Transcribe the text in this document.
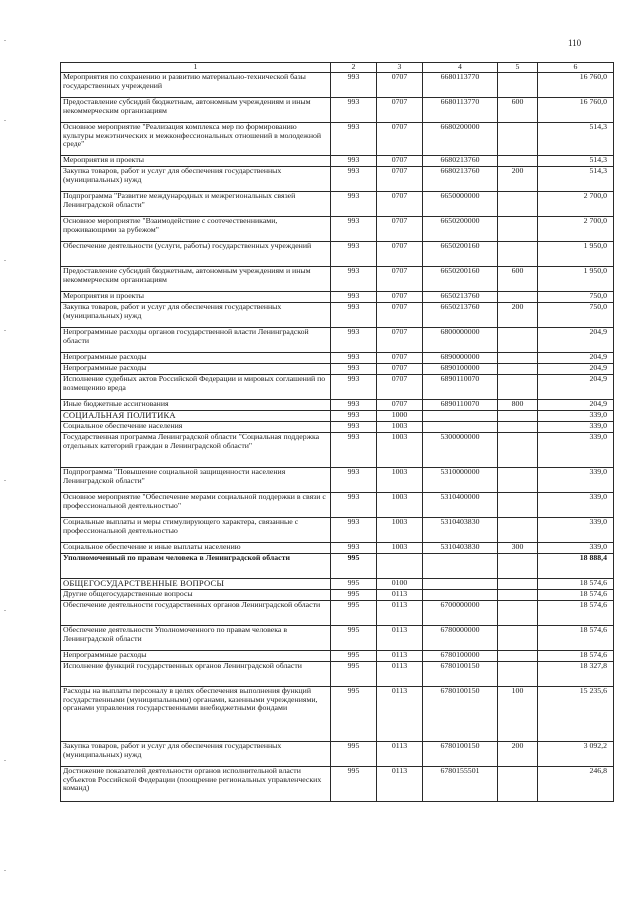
110
1	2	3	4	5	6
Мероприятия по сохранению и развитию материально-технической базы государственных учреждений	993	0707	6680113770		16 760,0
Предоставление субсидий бюджетным, автономным учреждениям и иным некоммерческим организациям	993	0707	6680113770	600	16 760,0
Основное мероприятие "Реализация комплекса мер по формированию культуры межэтнических и межконфессиональных отношений в молодежной среде"	993	0707	6680200000		514,3
Мероприятия и проекты	993	0707	6680213760		514,3
Закупка товаров, работ и услуг для обеспечения государственных (муниципальных) нужд	993	0707	6680213760	200	514,3
Подпрограмма "Развитие международных и межрегиональных связей Ленинградской области"	993	0707	6650000000		2 700,0
Основное мероприятие "Взаимодействие с соотечественниками, проживающими за рубежом"	993	0707	6650200000		2 700,0
Обеспечение деятельности (услуги, работы) государственных учреждений	993	0707	6650200160		1 950,0
Предоставление субсидий бюджетным, автономным учреждениям и иным некоммерческим организациям	993	0707	6650200160	600	1 950,0
Мероприятия и проекты	993	0707	6650213760		750,0
Закупка товаров, работ и услуг для обеспечения государственных (муниципальных) нужд	993	0707	6650213760	200	750,0
Непрограммные расходы органов государственной власти Ленинградской области	993	0707	6800000000		204,9
Непрограммные расходы	993	0707	6890000000		204,9
Непрограммные расходы	993	0707	6890100000		204,9
Исполнение судебных актов Российской Федерации и мировых соглашений по возмещению вреда	993	0707	6890110070		204,9
Иные бюджетные ассигнования	993	0707	6890110070	800	204,9
СОЦИАЛЬНАЯ ПОЛИТИКА	993	1000			339,0
Социальное обеспечение населения	993	1003			339,0
Государственная программа Ленинградской области "Социальная поддержка отдельных категорий граждан в Ленинградской области"	993	1003	5300000000		339,0
Подпрограмма "Повышение социальной защищенности населения Ленинградской области"	993	1003	5310000000		339,0
Основное мероприятие "Обеспечение мерами социальной поддержки в связи с профессиональной деятельностью"	993	1003	5310400000		339,0
Социальные выплаты и меры стимулирующего характера, связанные с профессиональной деятельностью	993	1003	5310403830		339,0
Социальное обеспечение и иные выплаты населению	993	1003	5310403830	300	339,0
Уполномоченный по правам человека в Ленинградской области	995				18 888,4
ОБЩЕГОСУДАРСТВЕННЫЕ ВОПРОСЫ	995	0100			18 574,6
Другие общегосударственные вопросы	995	0113			18 574,6
Обеспечение деятельности государственных органов Ленинградской области	995	0113	6700000000		18 574,6
Обеспечение деятельности Уполномоченного по правам человека в Ленинградской области	995	0113	6780000000		18 574,6
Непрограммные расходы	995	0113	6780100000		18 574,6
Исполнение функций государственных органов Ленинградской области	995	0113	6780100150		18 327,8
Расходы на выплаты персоналу в целях обеспечения выполнения функций государственными (муниципальными) органами, казенными учреждениями, органами управления государственными внебюджетными фондами	995	0113	6780100150	100	15 235,6
Закупка товаров, работ и услуг для обеспечения государственных (муниципальных) нужд	995	0113	6780100150	200	3 092,2
Достижение показателей деятельности органов исполнительной власти субъектов Российской Федерации (поощрение региональных управленческих команд)	995	0113	6780155501		246,8
